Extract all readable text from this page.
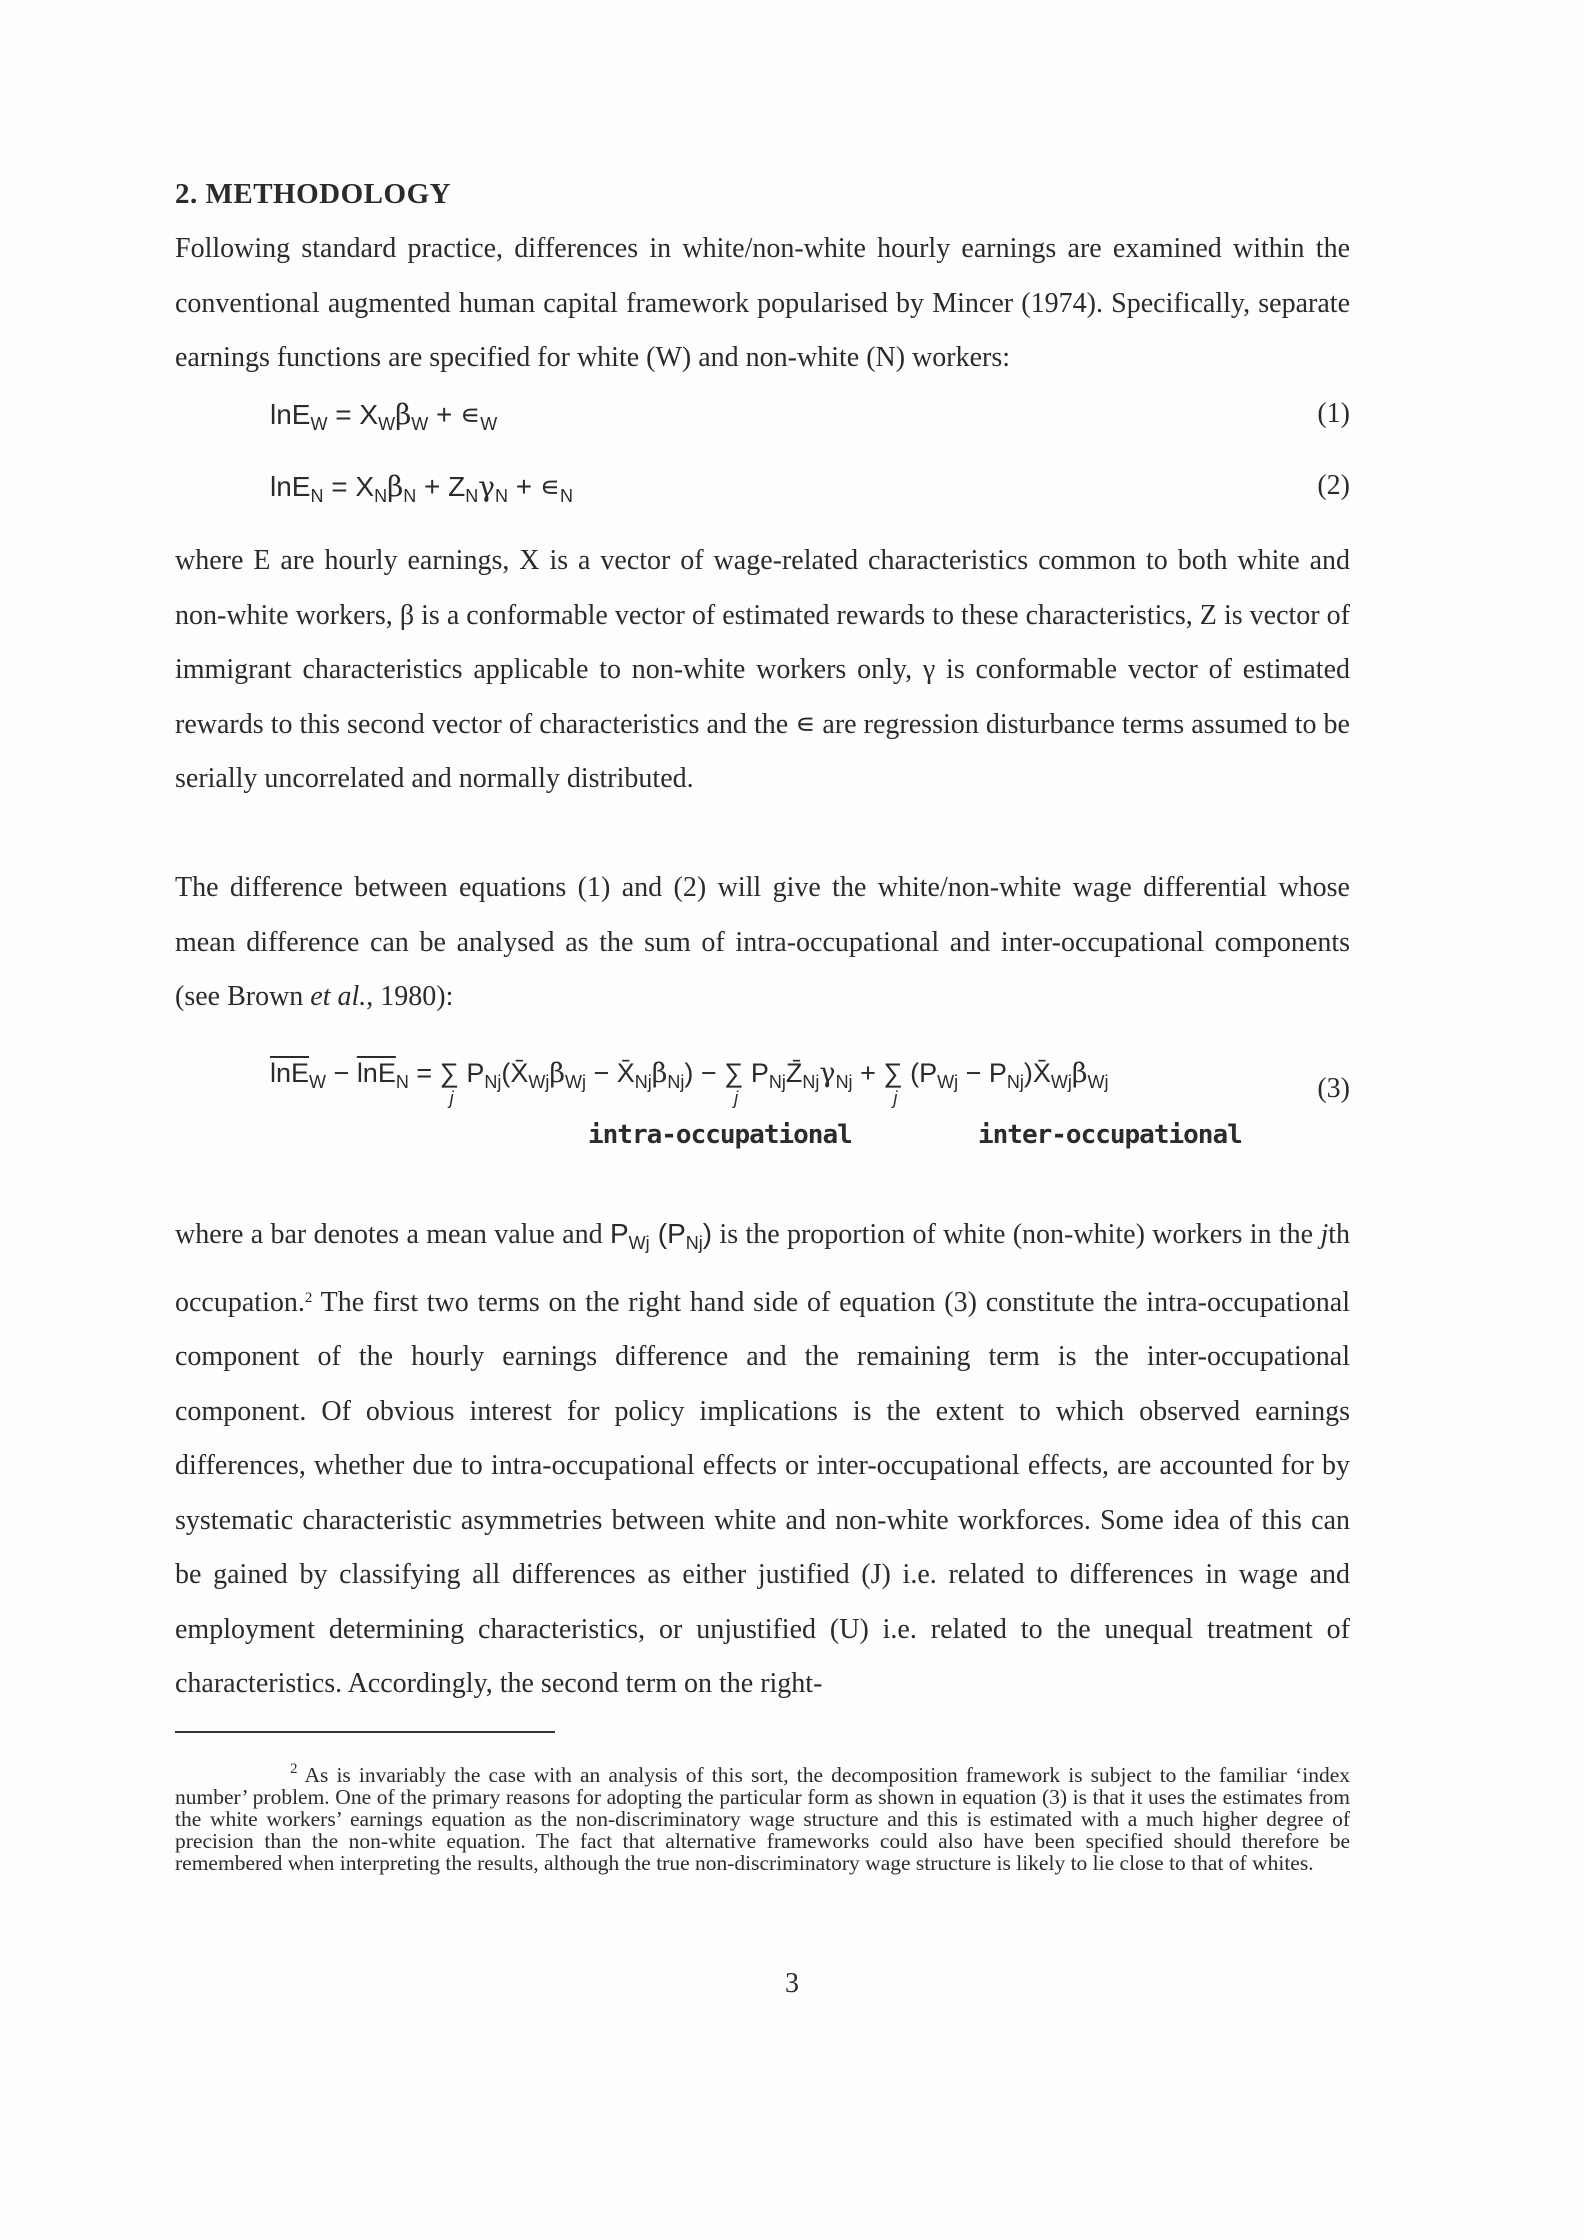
2. METHODOLOGY

Following standard practice, differences in white/non-white hourly earnings are examined within the conventional augmented human capital framework popularised by Mincer (1974). Specifically, separate earnings functions are specified for white (W) and non-white (N) workers:

$\ln E_W = X_W\beta_W$ + $∊_W$	(1)
$\ln E_N = X_N\beta_N + Z_N\gamma_N$ + $∊_N$	(2)

where E are hourly earnings, X is a vector of wage-related characteristics common to both white and non-white workers, β is a conformable vector of estimated rewards to these characteristics, Z is vector of immigrant characteristics applicable to non-white workers only, γ is conformable vector of estimated rewards to this second vector of characteristics and the ∊ are regression disturbance terms assumed to be serially uncorrelated and normally distributed.

The difference between equations (1) and (2) will give the white/non-white wage differential whose mean difference can be analysed as the sum of intra-occupational and inter-occupational components (see Brown et al., 1980):

$\overline{lnE}_W - \overline{lnE}_N$ = ∑
j
$P_{Nj}(X̄_{Wj}\beta_{Wj}$ − $X̄_{Nj}\beta_{Nj}$) − ∑
j
$P_{Nj}Z̄_{Nj}\gamma_{Nj}$ + ∑
j
($P_{Wj}$ − $P_{Nj})X̄_{Wj}\beta_{Wj}$	(3)
intra-occupational	inter-occupational

where a bar denotes a mean value and $P_{Wj}$ $(P_{Nj})$ is the proportion of white (non-white) workers in the jth occupation.$^2$ The first two terms on the right hand side of equation (3) constitute the intra-occupational component of the hourly earnings difference and the remaining term is the inter-occupational component. Of obvious interest for policy implications is the extent to which observed earnings differences, whether due to intra-occupational effects or inter-occupational effects, are accounted for by systematic characteristic asymmetries between white and non-white workforces. Some idea of this can be gained by classifying all differences as either justified (J) i.e. related to differences in wage and employment determining characteristics, or unjustified (U) i.e. related to the unequal treatment of characteristics. Accordingly, the second term on the right-

$^2$ As is invariably the case with an analysis of this sort, the decomposition framework is subject to the familiar ‘index number’ problem. One of the primary reasons for adopting the particular form as shown in equation (3) is that it uses the estimates from the white workers’ earnings equation as the non-discriminatory wage structure and this is estimated with a much higher degree of precision than the non-white equation. The fact that alternative frameworks could also have been specified should therefore be remembered when interpreting the results, although the true non-discriminatory wage structure is likely to lie close to that of whites.

3
